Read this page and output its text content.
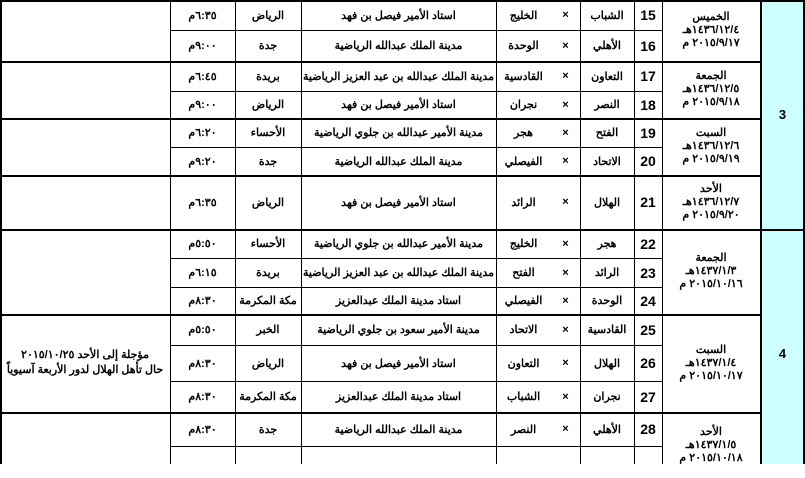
3
الخميس
١٤٣٦/١٢/٤هـ
٢٠١٥/٩/١٧ م
15
الشباب
×
الخليج
استاد الأمير فيصل بن فهد
الرياض
٦:٣٥م
16
الأهلي
×
الوحدة
مدينة الملك عبدالله الرياضية
جدة
٩:٠٠م
الجمعة
١٤٣٦/١٢/٥هـ
٢٠١٥/٩/١٨ م
17
التعاون
×
القادسية
مدينة الملك عبدالله بن عبد العزيز الرياضية
بريدة
٦:٤٥م
18
النصر
×
نجران
استاد الأمير فيصل بن فهد
الرياض
٩:٠٠م
السبت
١٤٣٦/١٢/٦هـ
٢٠١٥/٩/١٩ م
19
الفتح
×
هجر
مدينة الأمير عبدالله بن جلوي الرياضية
الأحساء
٦:٢٠م
20
الاتحاد
×
الفيصلي
مدينة الملك عبدالله الرياضية
جدة
٩:٢٠م
الأحد
١٤٣٦/١٢/٧هـ
٢٠١٥/٩/٢٠ م
21
الهلال
×
الرائد
استاد الأمير فيصل بن فهد
الرياض
٦:٣٥م
4
الجمعة
١٤٣٧/١/٣هـ
٢٠١٥/١٠/١٦ م
22
هجر
×
الخليج
مدينة الأمير عبدالله بن جلوي الرياضية
الأحساء
٥:٥٠م
23
الرائد
×
الفتح
مدينة الملك عبدالله بن عبد العزيز الرياضية
بريدة
٦:١٥م
24
الوحدة
×
الفيصلي
استاد مدينة الملك عبدالعزيز
مكة المكرمة
٨:٣٠م
السبت
١٤٣٧/١/٤هـ
٢٠١٥/١٠/١٧ م
25
القادسية
×
الاتحاد
مدينة الأمير سعود بن جلوي الرياضية
الخبر
٥:٥٠م
26
الهلال
×
التعاون
استاد الأمير فيصل بن فهد
الرياض
٨:٣٠م
27
نجران
×
الشباب
استاد مدينة الملك عبدالعزيز
مكة المكرمة
٨:٣٠م
الأحد
١٤٣٧/١/٥هـ
٢٠١٥/١٠/١٨ م
28
الأهلي
×
النصر
مدينة الملك عبدالله الرياضية
جدة
٨:٣٠م
مؤجلة إلى الأحد ٢٠١٥/١٠/٢٥
حال تأهل الهلال لدور الأربعة آسيوياً
